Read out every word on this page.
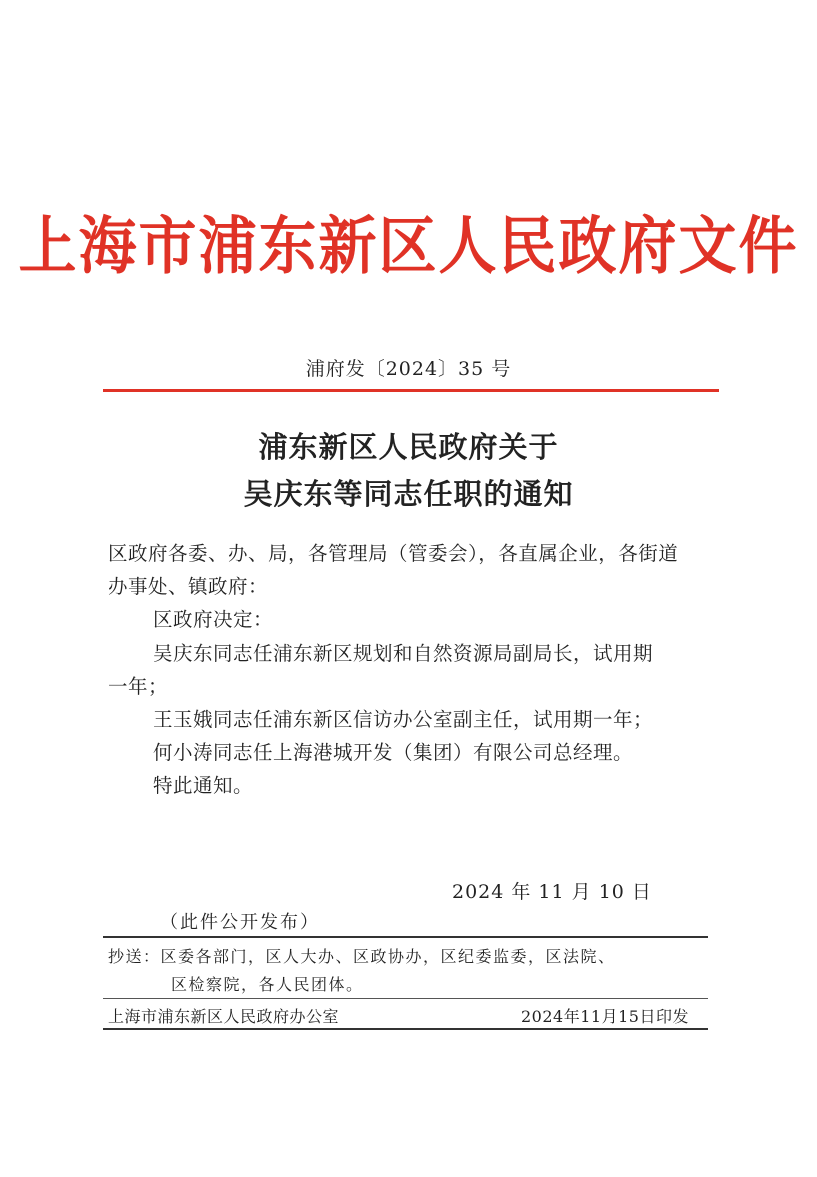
上海市浦东新区人民政府文件
浦府发〔2024〕35 号
浦东新区人民政府关于
吴庆东等同志任职的通知
区政府各委、办、局，各管理局（管委会），各直属企业，各街道
办事处、镇政府：
区政府决定：
吴庆东同志任浦东新区规划和自然资源局副局长，试用期
一年；
王玉娥同志任浦东新区信访办公室副主任，试用期一年；
何小涛同志任上海港城开发（集团）有限公司总经理。
特此通知。
2024 年 11 月 10 日
（此件公开发布）
抄送：区委各部门，区人大办、区政协办，区纪委监委，区法院、
区检察院，各人民团体。
上海市浦东新区人民政府办公室	2024年11月15日印发
